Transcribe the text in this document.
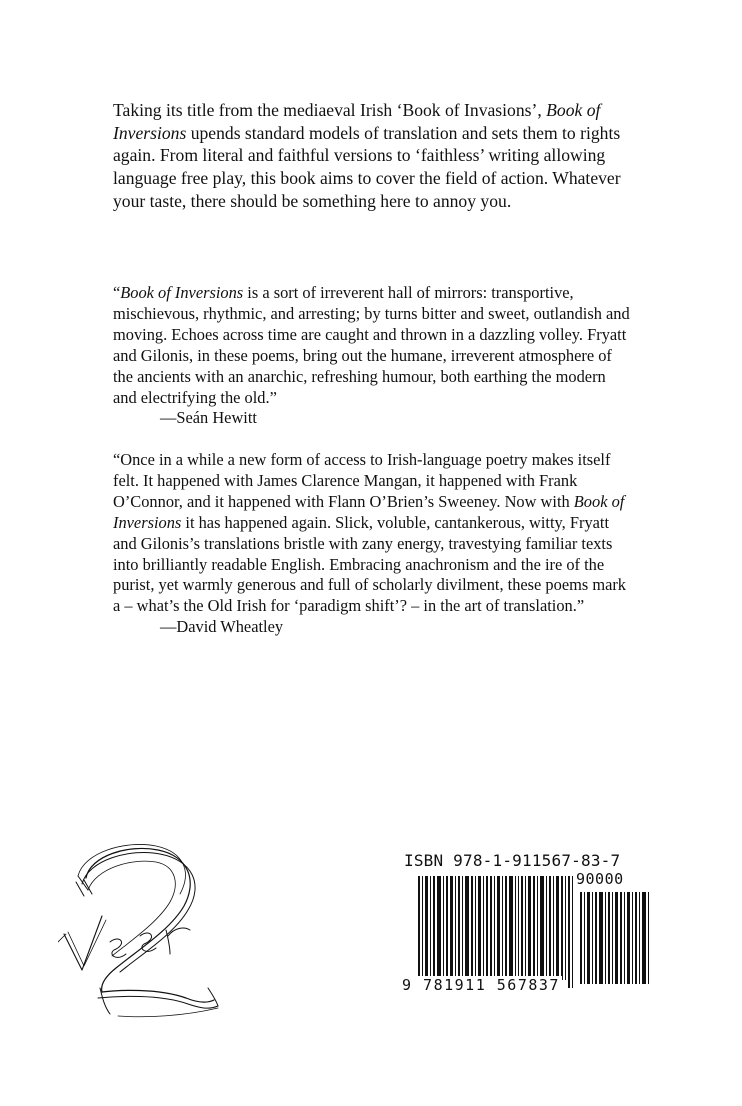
Taking its title from the mediaeval Irish ‘Book of Invasions’, Book of Inversions upends standard models of translation and sets them to rights again. From literal and faithful versions to ‘faithless’ writing allowing language free play, this book aims to cover the field of action. Whatever your taste, there should be something here to annoy you.

“Book of Inversions is a sort of irreverent hall of mirrors: transportive, mischievous, rhythmic, and arresting; by turns bitter and sweet, outlandish and moving. Echoes across time are caught and thrown in a dazzling volley. Fryatt and Gilonis, in these poems, bring out the humane, irreverent atmosphere of the ancients with an anarchic, refreshing humour, both earthing the modern and electrifying the old.”
—Seán Hewitt

“Once in a while a new form of access to Irish-language poetry makes itself felt. It happened with James Clarence Mangan, it happened with Frank O’Connor, and it happened with Flann O’Brien’s Sweeney. Now with Book of Inversions it has happened again. Slick, voluble, cantankerous, witty, Fryatt and Gilonis’s translations bristle with zany energy, travestying familiar texts into brilliantly readable English. Embracing anachronism and the ire of the purist, yet warmly generous and full of scholarly divilment, these poems mark a – what’s the Old Irish for ‘paradigm shift’? – in the art of translation.”
—David Wheatley

ISBN 978-1-911567-83-7
90000
9 781911 567837
